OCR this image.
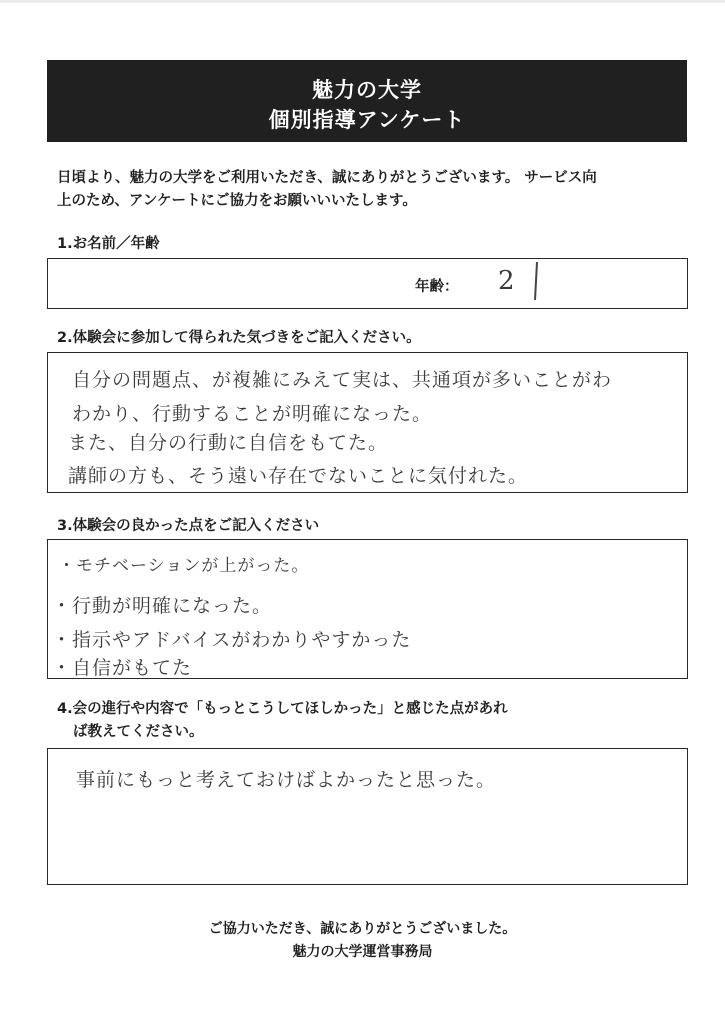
魅力の大学
個別指導アンケート
日頃より、魅力の大学をご利用いただき、誠にありがとうございます。 サービス向
上のため、アンケートにご協力をお願いいいたします。
1.お名前／年齢
年齢： 2
2.体験会に参加して得られた気づきをご記入ください。
自分の問題点、が複雑にみえて実は、共通項が多いことがわ
わかり、行動することが明確になった。
また、自分の行動に自信をもてた。
講師の方も、そう遠い存在でないことに気付れた。
3.体験会の良かった点をご記入ください
・モチベーションが上がった。
・行動が明確になった。
・指示やアドバイスがわかりやすかった
・自信がもてた
4.会の進行や内容で「もっとこうしてほしかった」と感じた点があれ
ば教えてください。
事前にもっと考えておけばよかったと思った。
ご協力いただき、誠にありがとうございました。
魅力の大学運営事務局
